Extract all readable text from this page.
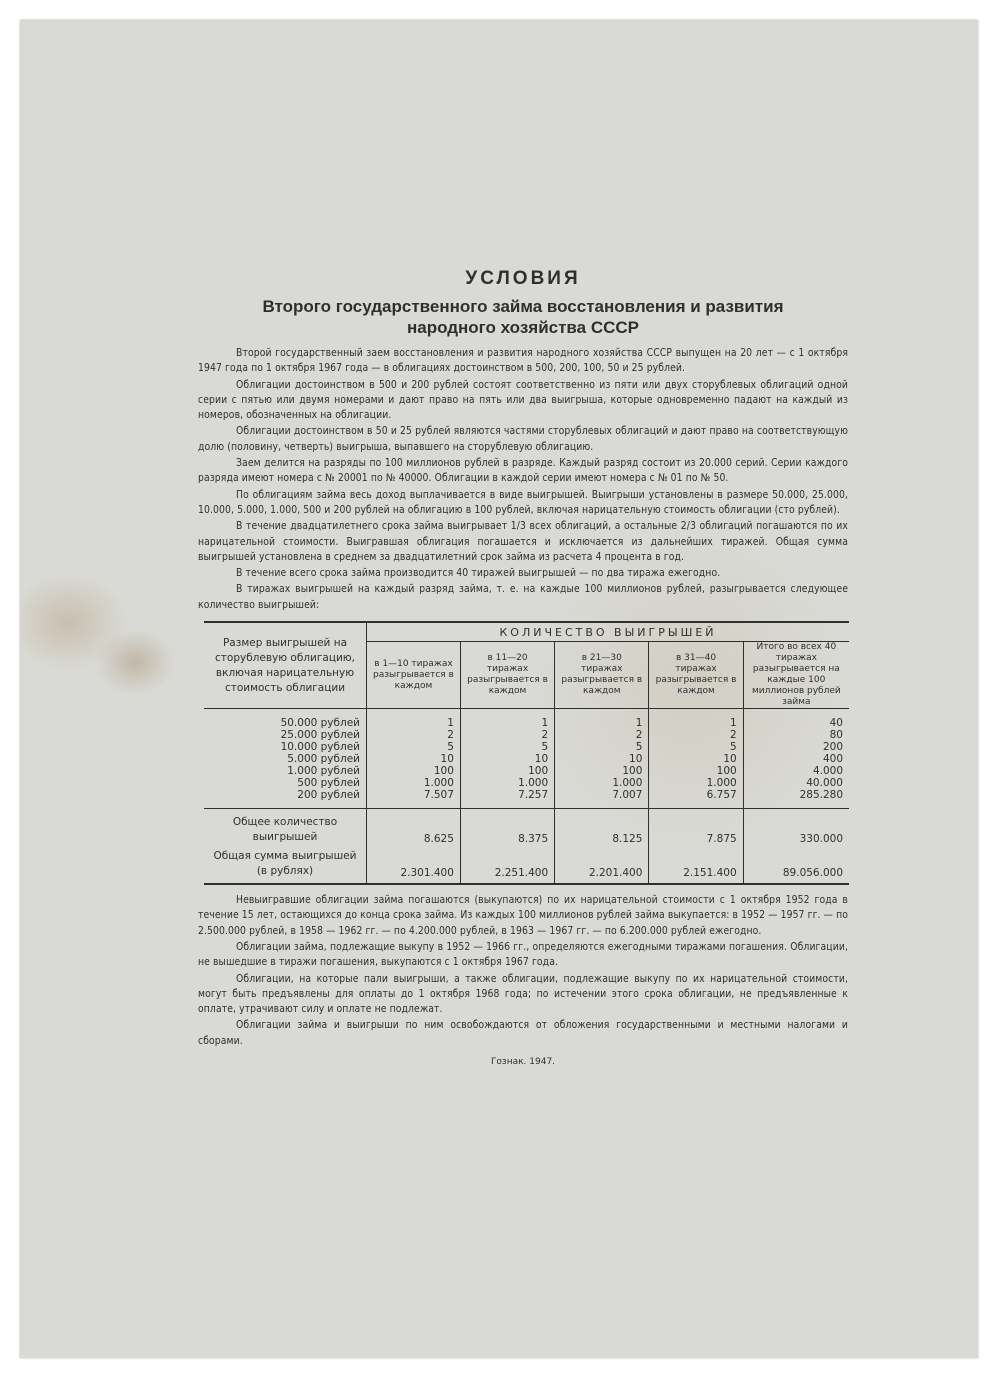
УСЛОВИЯ
Второго государственного займа восстановления и развития
народного хозяйства СССР

Второй государственный заем восстановления и развития народного хозяйства СССР выпущен на 20 лет — с 1 октября 1947 года по 1 октября 1967 года — в облигациях достоинством в 500, 200, 100, 50 и 25 рублей.

Облигации достоинством в 500 и 200 рублей состоят соответственно из пяти или двух сторублевых облигаций одной серии с пятью или двумя номерами и дают право на пять или два выигрыша, которые одновременно падают на каждый из номеров, обозначенных на облигации.

Облигации достоинством в 50 и 25 рублей являются частями сторублевых облигаций и дают право на соответствующую долю (половину, четверть) выигрыша, выпавшего на сторублевую облигацию.

Заем делится на разряды по 100 миллионов рублей в разряде. Каждый разряд состоит из 20.000 серий. Серии каждого разряда имеют номера с № 20001 по № 40000. Облигации в каждой серии имеют номера с № 01 по № 50.

По облигациям займа весь доход выплачивается в виде выигрышей. Выигрыши установлены в размере 50.000, 25.000, 10.000, 5.000, 1.000, 500 и 200 рублей на облигацию в 100 рублей, включая нарицательную стоимость облигации (сто рублей).

В течение двадцатилетнего срока займа выигрывает 1/3 всех облигаций, а остальные 2/3 облигаций погашаются по их нарицательной стоимости. Выигравшая облигация погашается и исключается из дальнейших тиражей. Общая сумма выигрышей установлена в среднем за двадцатилетний срок займа из расчета 4 процента в год.

В течение всего срока займа производится 40 тиражей выигрышей — по два тиража ежегодно.

В тиражах выигрышей на каждый разряд займа, т. е. на каждые 100 миллионов рублей, разыгрывается следующее количество выигрышей:

Размер выигрышей на сторублевую облигацию, включая нарицательную стоимость облигации	КОЛИЧЕСТВО ВЫИГРЫШЕЙ				
	в 1—10 тиражах разыгрывается в каждом	в 11—20 тиражах разыгрывается в каждом	в 21—30 тиражах разыгрывается в каждом	в 31—40 тиражах разыгрывается в каждом	Итого во всех 40 тиражах разыгрывается на каждые 100 миллионов рублей займа

50.000 рублей	1	1	1	1	40
25.000 рублей	2	2	2	2	80
10.000 рублей	5	5	5	5	200
5.000 рублей	10	10	10	10	400
1.000 рублей	100	100	100	100	4.000
500 рублей	1.000	1.000	1.000	1.000	40.000
200 рублей	7.507	7.257	7.007	6.757	285.280

Общее количество выигрышей	8.625	8.375	8.125	7.875	330.000
Общая сумма выигрышей (в рублях)	2.301.400	2.251.400	2.201.400	2.151.400	89.056.000

Невыигравшие облигации займа погашаются (выкупаются) по их нарицательной стоимости с 1 октября 1952 года в течение 15 лет, остающихся до конца срока займа. Из каждых 100 миллионов рублей займа выкупается: в 1952 — 1957 гг. — по 2.500.000 рублей, в 1958 — 1962 гг. — по 4.200.000 рублей, в 1963 — 1967 гг. — по 6.200.000 рублей ежегодно.

Облигации займа, подлежащие выкупу в 1952 — 1966 гг., определяются ежегодными тиражами погашения. Облигации, не вышедшие в тиражи погашения, выкупаются с 1 октября 1967 года.

Облигации, на которые пали выигрыши, а также облигации, подлежащие выкупу по их нарицательной стоимости, могут быть предъявлены для оплаты до 1 октября 1968 года; по истечении этого срока облигации, не предъявленные к оплате, утрачивают силу и оплате не подлежат.

Облигации займа и выигрыши по ним освобождаются от обложения государственными и местными налогами и сборами.

Гознак. 1947.
